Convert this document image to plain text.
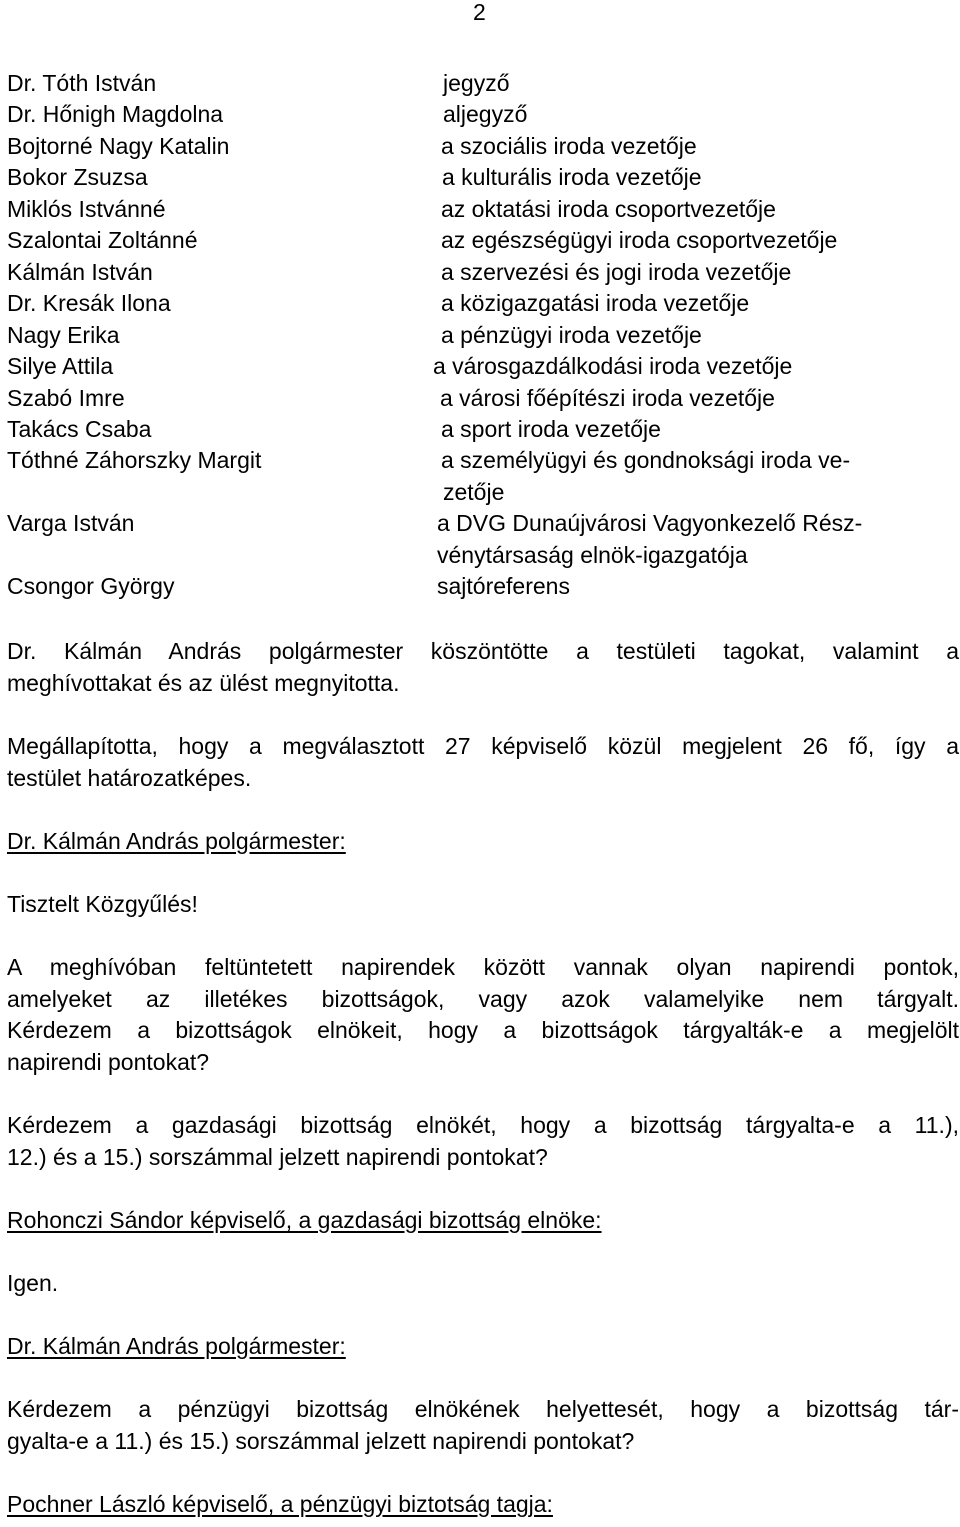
2
Dr. Tóth István	jegyző
Dr. Hőnigh Magdolna	aljegyző
Bojtorné Nagy Katalin	a szociális iroda vezetője
Bokor Zsuzsa	a kulturális iroda vezetője
Miklós Istvánné	az oktatási iroda csoportvezetője
Szalontai Zoltánné	az egészségügyi iroda csoportvezetője
Kálmán István	a szervezési és jogi iroda vezetője
Dr. Kresák Ilona	a közigazgatási iroda vezetője
Nagy Erika	a pénzügyi iroda vezetője
Silye Attila	a városgazdálkodási iroda vezetője
Szabó Imre	a városi főépítészi iroda vezetője
Takács Csaba	a sport iroda vezetője
Tóthné Záhorszky Margit	a személyügyi és gondnoksági iroda ve-
zetője
Varga István	a DVG Dunaújvárosi Vagyonkezelő Rész-
vénytársaság elnök-igazgatója
Csongor György	sajtóreferens
Dr. Kálmán András polgármester köszöntötte a testületi tagokat, valamint a
meghívottakat és az ülést megnyitotta.
Megállapította, hogy a megválasztott 27 képviselő közül megjelent 26 fő, így a
testület határozatképes.
Dr. Kálmán András polgármester:
Tisztelt Közgyűlés!
A meghívóban feltüntetett napirendek között vannak olyan napirendi pontok,
amelyeket az illetékes bizottságok, vagy azok valamelyike nem tárgyalt.
Kérdezem a bizottságok elnökeit, hogy a bizottságok tárgyalták-e a megjelölt
napirendi pontokat?
Kérdezem a gazdasági bizottság elnökét, hogy a bizottság tárgyalta-e a 11.),
12.) és a 15.) sorszámmal jelzett napirendi pontokat?
Rohonczi Sándor képviselő, a gazdasági bizottság elnöke:
Igen.
Dr. Kálmán András polgármester:
Kérdezem a pénzügyi bizottság elnökének helyettesét, hogy a bizottság tár-
gyalta-e a 11.) és 15.) sorszámmal jelzett napirendi pontokat?
Pochner László képviselő, a pénzügyi biztotság tagja:
